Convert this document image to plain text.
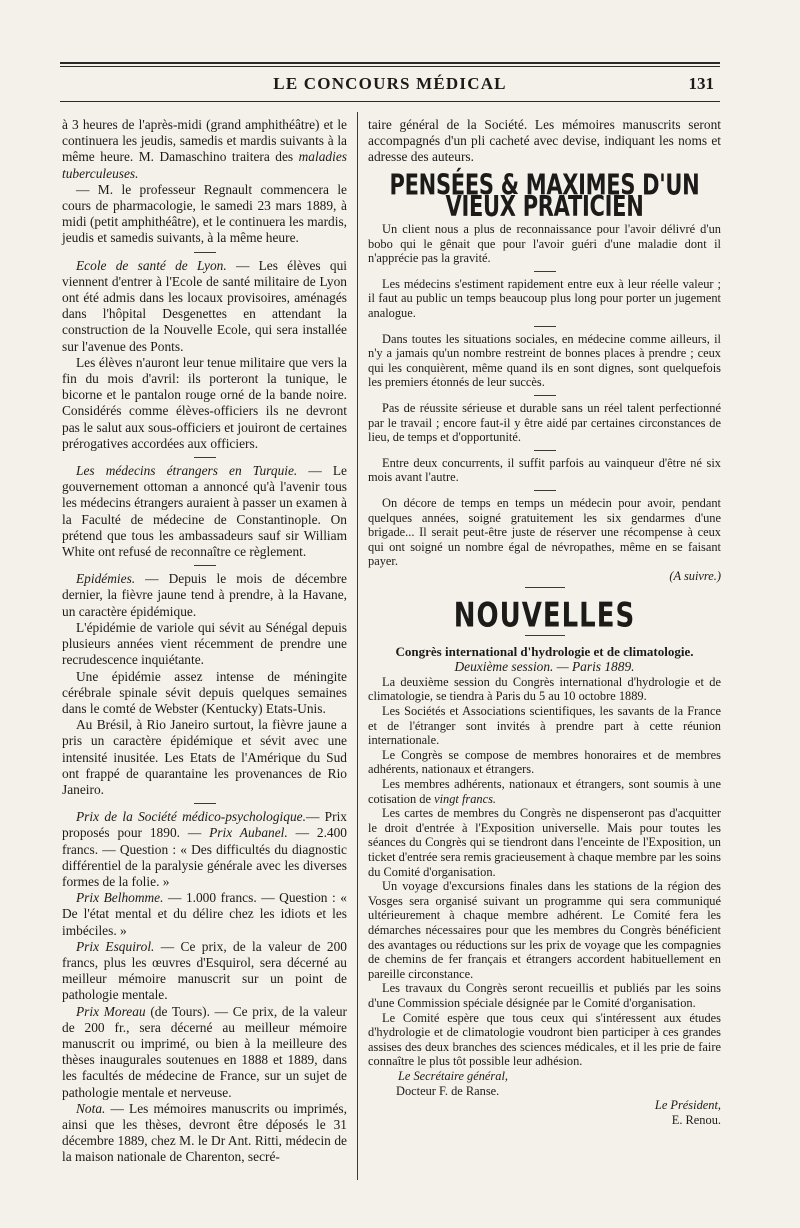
LE CONCOURS MÉDICAL	131

à 3 heures de l'après-midi (grand amphithéâtre) et le continuera les jeudis, samedis et mardis suivants à la même heure. M. Damaschino traitera des maladies tuberculeuses.

— M. le professeur Regnault commencera le cours de pharmacologie, le samedi 23 mars 1889, à midi (petit amphithéâtre), et le continuera les mardis, jeudis et samedis suivants, à la même heure.

Ecole de santé de Lyon. — Les élèves qui viennent d'entrer à l'Ecole de santé militaire de Lyon ont été admis dans les locaux provisoires, aménagés dans l'hôpital Desgenettes en attendant la construction de la Nouvelle Ecole, qui sera installée sur l'avenue des Ponts.

Les élèves n'auront leur tenue militaire que vers la fin du mois d'avril: ils porteront la tunique, le bicorne et le pantalon rouge orné de la bande noire. Considérés comme élèves-officiers ils ne devront pas le salut aux sous-officiers et jouiront de certaines prérogatives accordées aux officiers.

Les médecins étrangers en Turquie. — Le gouvernement ottoman a annoncé qu'à l'avenir tous les médecins étrangers auraient à passer un examen à la Faculté de médecine de Constantinople. On prétend que tous les ambassadeurs sauf sir William White ont refusé de reconnaître ce règlement.

Epidémies. — Depuis le mois de décembre dernier, la fièvre jaune tend à prendre, à la Havane, un caractère épidémique.

L'épidémie de variole qui sévit au Sénégal depuis plusieurs années vient récemment de prendre une recrudescence inquiétante.

Une épidémie assez intense de méningite cérébrale spinale sévit depuis quelques semaines dans le comté de Webster (Kentucky) Etats-Unis.

Au Brésil, à Rio Janeiro surtout, la fièvre jaune a pris un caractère épidémique et sévit avec une intensité inusitée. Les Etats de l'Amérique du Sud ont frappé de quarantaine les provenances de Rio Janeiro.

Prix de la Société médico-psychologique.— Prix proposés pour 1890. — Prix Aubanel. — 2.400 francs. — Question : « Des difficultés du diagnostic différentiel de la paralysie générale avec les diverses formes de la folie. »

Prix Belhomme. — 1.000 francs. — Question : « De l'état mental et du délire chez les idiots et les imbéciles. »

Prix Esquirol. — Ce prix, de la valeur de 200 francs, plus les œuvres d'Esquirol, sera décerné au meilleur mémoire manuscrit sur un point de pathologie mentale.

Prix Moreau (de Tours). — Ce prix, de la valeur de 200 fr., sera décerné au meilleur mémoire manuscrit ou imprimé, ou bien à la meilleure des thèses inaugurales soutenues en 1888 et 1889, dans les facultés de médecine de France, sur un sujet de pathologie mentale et nerveuse.

Nota. — Les mémoires manuscrits ou imprimés, ainsi que les thèses, devront être déposés le 31 décembre 1889, chez M. le Dr Ant. Ritti, médecin de la maison nationale de Charenton, secré-

taire général de la Société. Les mémoires manuscrits seront accompagnés d'un pli cacheté avec devise, indiquant les noms et adresse des auteurs.

PENSÉES & MAXIMES D'UN VIEUX PRATICIEN

Un client nous a plus de reconnaissance pour l'avoir délivré d'un bobo qui le gênait que pour l'avoir guéri d'une maladie dont il n'apprécie pas la gravité.

Les médecins s'estiment rapidement entre eux à leur réelle valeur ; il faut au public un temps beaucoup plus long pour porter un jugement analogue.

Dans toutes les situations sociales, en médecine comme ailleurs, il n'y a jamais qu'un nombre restreint de bonnes places à prendre ; ceux qui les conquièrent, même quand ils en sont dignes, sont quelquefois les premiers étonnés de leur succès.

Pas de réussite sérieuse et durable sans un réel talent perfectionné par le travail ; encore faut-il y être aidé par certaines circonstances de lieu, de temps et d'opportunité.

Entre deux concurrents, il suffit parfois au vainqueur d'être né six mois avant l'autre.

On décore de temps en temps un médecin pour avoir, pendant quelques années, soigné gratuitement les six gendarmes d'une brigade... Il serait peut-être juste de réserver une récompense à ceux qui ont soigné un nombre égal de névropathes, même en se faisant payer.

(A suivre.)

NOUVELLES
Congrès international d'hydrologie et de climatologie.

Deuxième session. — Paris 1889.

La deuxième session du Congrès international d'hydrologie et de climatologie, se tiendra à Paris du 5 au 10 octobre 1889.

Les Sociétés et Associations scientifiques, les savants de la France et de l'étranger sont invités à prendre part à cette réunion internationale.

Le Congrès se compose de membres honoraires et de membres adhérents, nationaux et étrangers.

Les membres adhérents, nationaux et étrangers, sont soumis à une cotisation de vingt francs.

Les cartes de membres du Congrès ne dispenseront pas d'acquitter le droit d'entrée à l'Exposition universelle. Mais pour toutes les séances du Congrès qui se tiendront dans l'enceinte de l'Exposition, un ticket d'entrée sera remis gracieusement à chaque membre par les soins du Comité d'organisation.

Un voyage d'excursions finales dans les stations de la région des Vosges sera organisé suivant un programme qui sera communiqué ultérieurement à chaque membre adhérent. Le Comité fera les démarches nécessaires pour que les membres du Congrès bénéficient des avantages ou réductions sur les prix de voyage que les compagnies de chemins de fer français et étrangers accordent habituellement en pareille circonstance.

Les travaux du Congrès seront recueillis et publiés par les soins d'une Commission spéciale désignée par le Comité d'organisation.

Le Comité espère que tous ceux qui s'intéressent aux études d'hydrologie et de climatologie voudront bien participer à ces grandes assises des deux branches des sciences médicales, et il les prie de faire connaître le plus tôt possible leur adhésion.

Le Secrétaire général,

Docteur F. de Ranse.

Le Président,

E. Renou.
